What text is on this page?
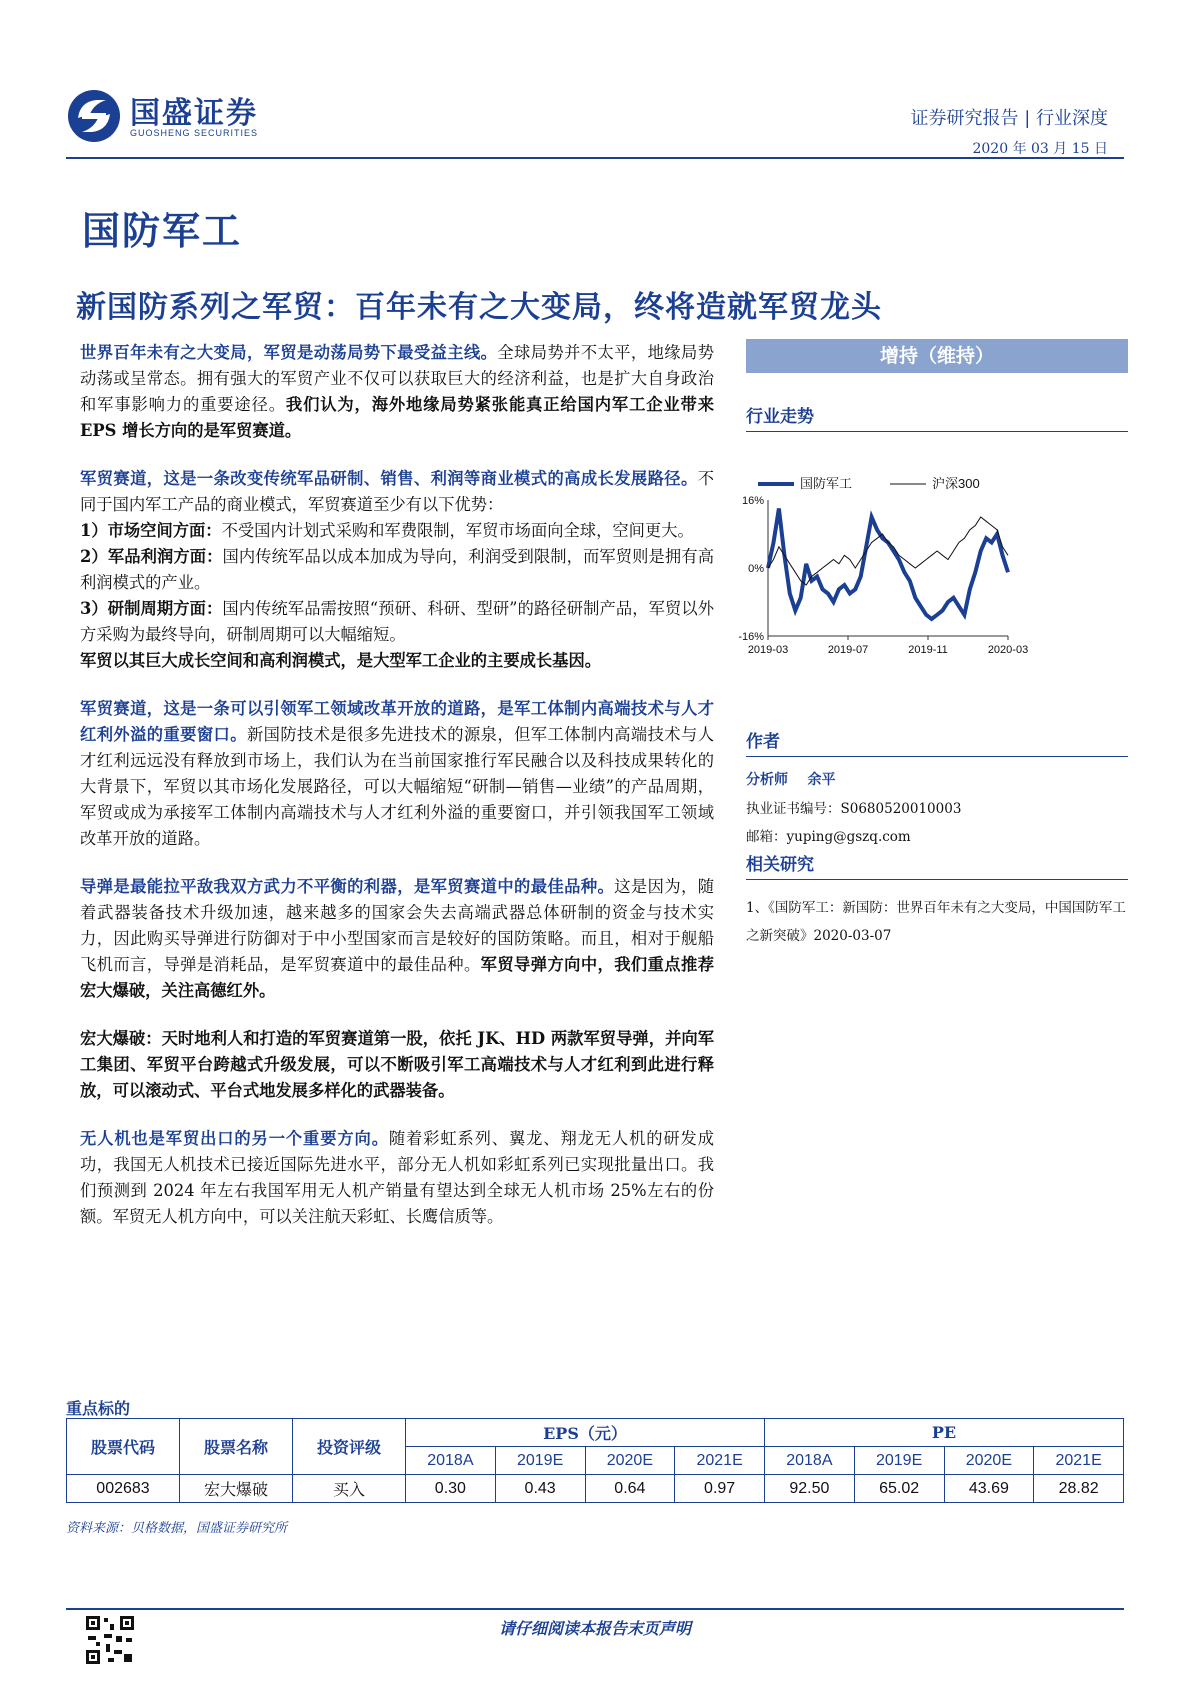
国盛证券
GUOSHENG SECURITIES
证券研究报告 | 行业深度
2020 年 03 月 15 日
国防军工
新国防系列之军贸：百年未有之大变局，终将造就军贸龙头

世界百年未有之大变局，军贸是动荡局势下最受益主线。全球局势并不太平，地缘局势动荡或呈常态。拥有强大的军贸产业不仅可以获取巨大的经济利益，也是扩大自身政治和军事影响力的重要途径。我们认为，海外地缘局势紧张能真正给国内军工企业带来 EPS 增长方向的是军贸赛道。

军贸赛道，这是一条改变传统军品研制、销售、利润等商业模式的高成长发展路径。不同于国内军工产品的商业模式，军贸赛道至少有以下优势：
1）市场空间方面：不受国内计划式采购和军费限制，军贸市场面向全球，空间更大。
2）军品利润方面：国内传统军品以成本加成为导向，利润受到限制，而军贸则是拥有高利润模式的产业。
3）研制周期方面：国内传统军品需按照“预研、科研、型研”的路径研制产品，军贸以外方采购为最终导向，研制周期可以大幅缩短。
军贸以其巨大成长空间和高利润模式，是大型军工企业的主要成长基因。

军贸赛道，这是一条可以引领军工领域改革开放的道路，是军工体制内高端技术与人才红利外溢的重要窗口。新国防技术是很多先进技术的源泉，但军工体制内高端技术与人才红利远远没有释放到市场上，我们认为在当前国家推行军民融合以及科技成果转化的大背景下，军贸以其市场化发展路径，可以大幅缩短“研制—销售—业绩”的产品周期，军贸或成为承接军工体制内高端技术与人才红利外溢的重要窗口，并引领我国军工领域改革开放的道路。

导弹是最能拉平敌我双方武力不平衡的利器，是军贸赛道中的最佳品种。这是因为，随着武器装备技术升级加速，越来越多的国家会失去高端武器总体研制的资金与技术实力，因此购买导弹进行防御对于中小型国家而言是较好的国防策略。而且，相对于舰船飞机而言，导弹是消耗品，是军贸赛道中的最佳品种。军贸导弹方向中，我们重点推荐宏大爆破，关注高德红外。

宏大爆破：天时地利人和打造的军贸赛道第一股，依托 JK、HD 两款军贸导弹，并向军工集团、军贸平台跨越式升级发展，可以不断吸引军工高端技术与人才红利到此进行释放，可以滚动式、平台式地发展多样化的武器装备。

无人机也是军贸出口的另一个重要方向。随着彩虹系列、翼龙、翔龙无人机的研发成功，我国无人机技术已接近国际先进水平，部分无人机如彩虹系列已实现批量出口。我们预测到 2024 年左右我国军用无人机产销量有望达到全球无人机市场 25%左右的份额。军贸无人机方向中，可以关注航天彩虹、长鹰信质等。

增持（维持）
行业走势
16%
0%
-16%
2019-03	2019-07	2019-11	2020-03
国防军工	沪深300
作者
分析师 余平
执业证书编号：S0680520010003
邮箱：yuping@gszq.com
相关研究
1、《国防军工：新国防：世界百年未有之大变局，中国国防军工之新突破》2020-03-07
重点标的
股票代码	股票名称	投资评级	EPS（元）				PE			
			2018A	2019E	2020E	2021E	2018A	2019E	2020E	2021E
002683	宏大爆破	买入	0.30	0.43	0.64	0.97	92.50	65.02	43.69	28.82
资料来源：贝格数据，国盛证券研究所
请仔细阅读本报告末页声明
